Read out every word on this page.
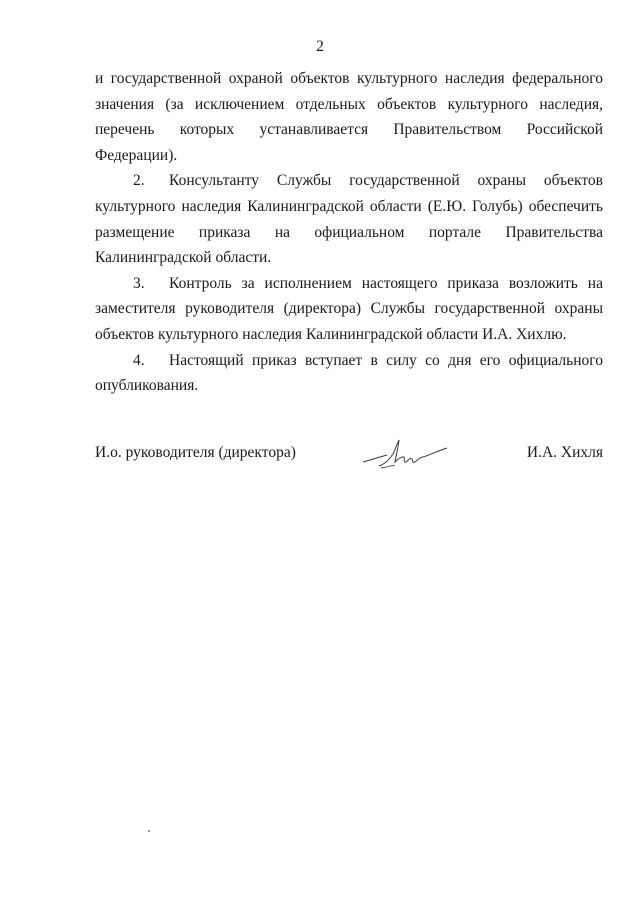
2

и государственной охраной объектов культурного наследия федерального значения (за исключением отдельных объектов культурного наследия, перечень которых устанавливается Правительством Российской Федерации).

2. Консультанту Службы государственной охраны объектов культурного наследия Калининградской области (Е.Ю. Голубь) обеспечить размещение приказа на официальном портале Правительства Калининградской области.

3. Контроль за исполнением настоящего приказа возложить на заместителя руководителя (директора) Службы государственной охраны объектов культурного наследия Калининградской области И.А. Хихлю.

4. Настоящий приказ вступает в силу со дня его официального опубликования.

И.о. руководителя (директора)	И.А. Хихля
